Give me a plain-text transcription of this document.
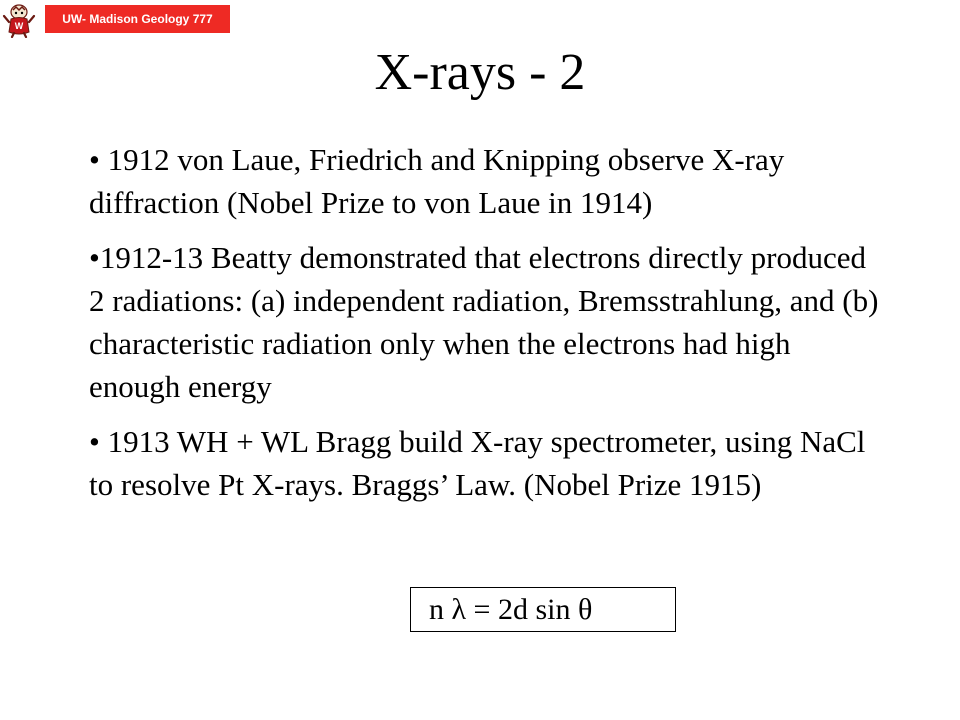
W	UW- Madison Geology 777
X-rays - 2

• 1912 von Laue, Friedrich and Knipping observe X-ray diffraction (Nobel Prize to von Laue in 1914)

•1912-13 Beatty demonstrated that electrons directly produced 2 radiations: (a) independent radiation, Bremsstrahlung, and (b) characteristic radiation only when the electrons had high enough energy

• 1913 WH + WL Bragg build X-ray spectrometer, using NaCl to resolve Pt X-rays. Braggs’ Law. (Nobel Prize 1915)

n λ = 2d sin θ
